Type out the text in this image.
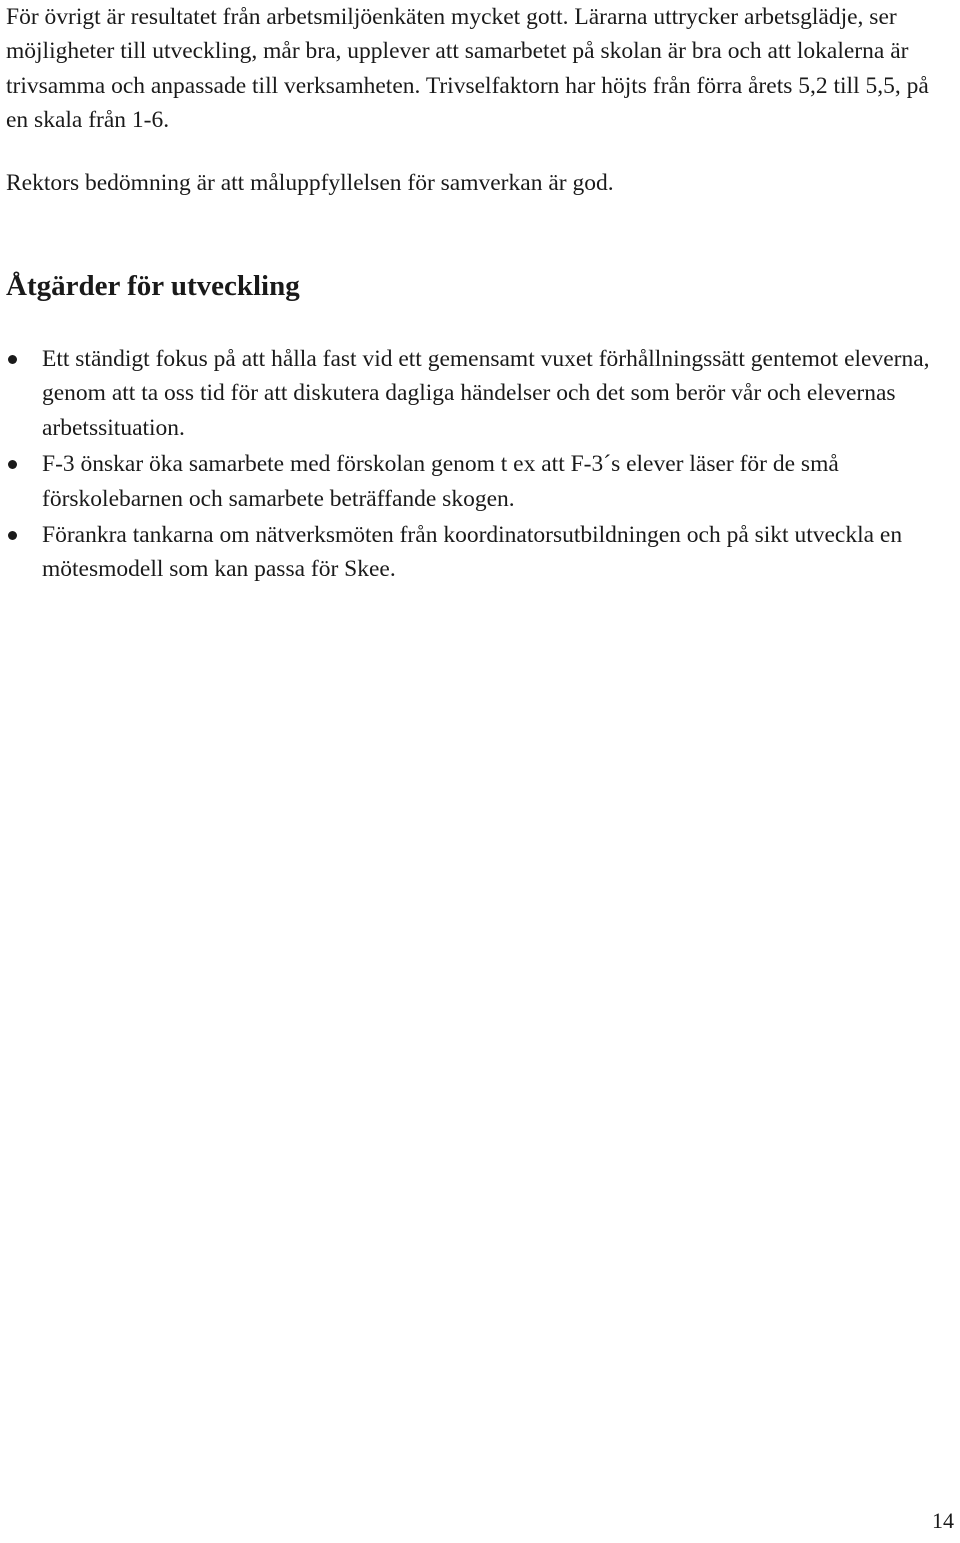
För övrigt är resultatet från arbetsmiljöenkäten mycket gott. Lärarna uttrycker arbetsglädje, ser möjligheter till utveckling, mår bra, upplever att samarbetet på skolan är bra och att lokalerna är trivsamma och anpassade till verksamheten. Trivselfaktorn har höjts från förra årets 5,2 till 5,5, på en skala från 1-6.

Rektors bedömning är att måluppfyllelsen för samverkan är god.

Åtgärder för utveckling
Ett ständigt fokus på att hålla fast vid ett gemensamt vuxet förhållningssätt gentemot eleverna, genom att ta oss tid för att diskutera dagliga händelser och det som berör vår och elevernas arbetssituation.
F-3 önskar öka samarbete med förskolan genom t ex att F-3´s elever läser för de små förskolebarnen och samarbete beträffande skogen.
Förankra tankarna om nätverksmöten från koordinatorsutbildningen och på sikt utveckla en mötesmodell som kan passa för Skee.

14
